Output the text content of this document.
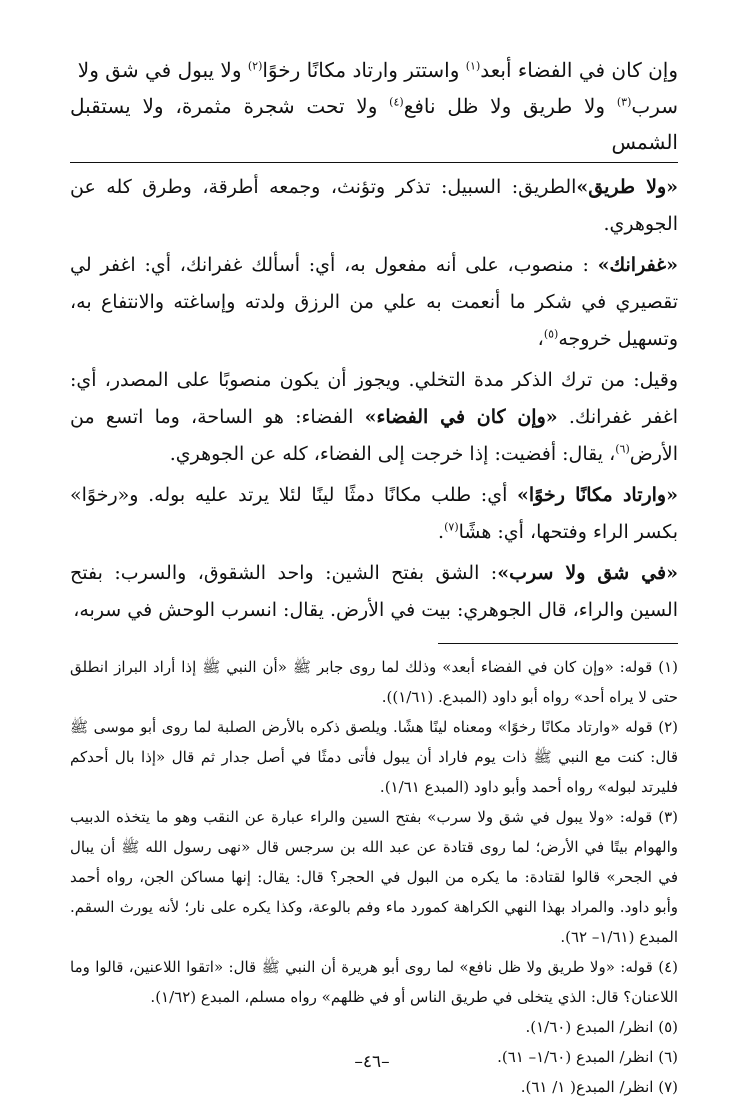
وإن كان في الفضاء أبعد$^{(١)}$ واستتر وارتاد مكانًا رخوًا$^{(٢)}$ ولا يبول في شق ولا

سرب$^{(٣)}$ ولا طريق ولا ظل نافع$^{(٤)}$ ولا تحت شجرة مثمرة، ولا يستقبل الشمس

«ولا طريق»الطريق: السبيل: تذكر وتؤنث، وجمعه أطرقة، وطرق كله عن الجوهري.

«غفرانك» : منصوب، على أنه مفعول به، أي: أسألك غفرانك، أي: اغفر لي تقصيري في شكر ما أنعمت به علي من الرزق ولدته وإساغته والانتفاع به، وتسهيل خروجه$^{(٥)}$،

وقيل: من ترك الذكر مدة التخلي. ويجوز أن يكون منصوبًا على المصدر، أي: اغفر غفرانك. «وإن كان في الفضاء» الفضاء: هو الساحة، وما اتسع من الأرض$^{(٦)}$، يقال: أفضيت: إذا خرجت إلى الفضاء، كله عن الجوهري.

«وارتاد مكانًا رخوًا» أي: طلب مكانًا دمثًا لينًا لئلا يرتد عليه بوله. و«رخوًا» بكسر الراء وفتحها، أي: هشًا$^{(٧)}$.

«في شق ولا سرب»: الشق بفتح الشين: واحد الشقوق، والسرب: بفتح السين والراء، قال الجوهري: بيت في الأرض. يقال: انسرب الوحش في سربه،

(١) قوله: «وإن كان في الفضاء أبعد» وذلك لما روى جابر ﷺ «أن النبي ﷺ إذا أراد البراز انطلق حتى لا يراه أحد» رواه أبو داود (المبدع. (١/٦١)).

(٢) قوله «وارتاد مكانًا رخوًا» ومعناه لينًا هشًا. ويلصق ذكره بالأرض الصلبة لما روى أبو موسى ﷺ قال: كنت مع النبي ﷺ ذات يوم فاراد أن يبول فأتى دمثًا في أصل جدار ثم قال «إذا بال أحدكم فليرتد لبوله» رواه أحمد وأبو داود (المبدع ١/٦١).

(٣) قوله: «ولا يبول في شق ولا سرب» بفتح السين والراء عبارة عن النقب وهو ما يتخذه الدبيب والهوام بيتًا في الأرض؛ لما روى قتادة عن عبد الله بن سرجس قال «نهى رسول الله ﷺ أن يبال في الجحر» قالوا لقتادة: ما يكره من البول في الحجر؟ قال: يقال: إنها مساكن الجن، رواه أحمد وأبو داود. والمراد بهذا النهي الكراهة كمورد ماء وفم بالوعة، وكذا يكره على نار؛ لأنه يورث السقم. المبدع (١/٦١– ٦٢).

(٤) قوله: «ولا طريق ولا ظل نافع» لما روى أبو هريرة أن النبي ﷺ قال: «اتقوا اللاعنين، قالوا وما اللاعنان؟ قال: الذي يتخلى في طريق الناس أو في ظلهم» رواه مسلم، المبدع (١/٦٢).

(٥) انظر/ المبدع (١/٦٠).

(٦) انظر/ المبدع (١/٦٠– ٦١).

(٧) انظر/ المبدع( ١/ ٦١).

–٤٦–
